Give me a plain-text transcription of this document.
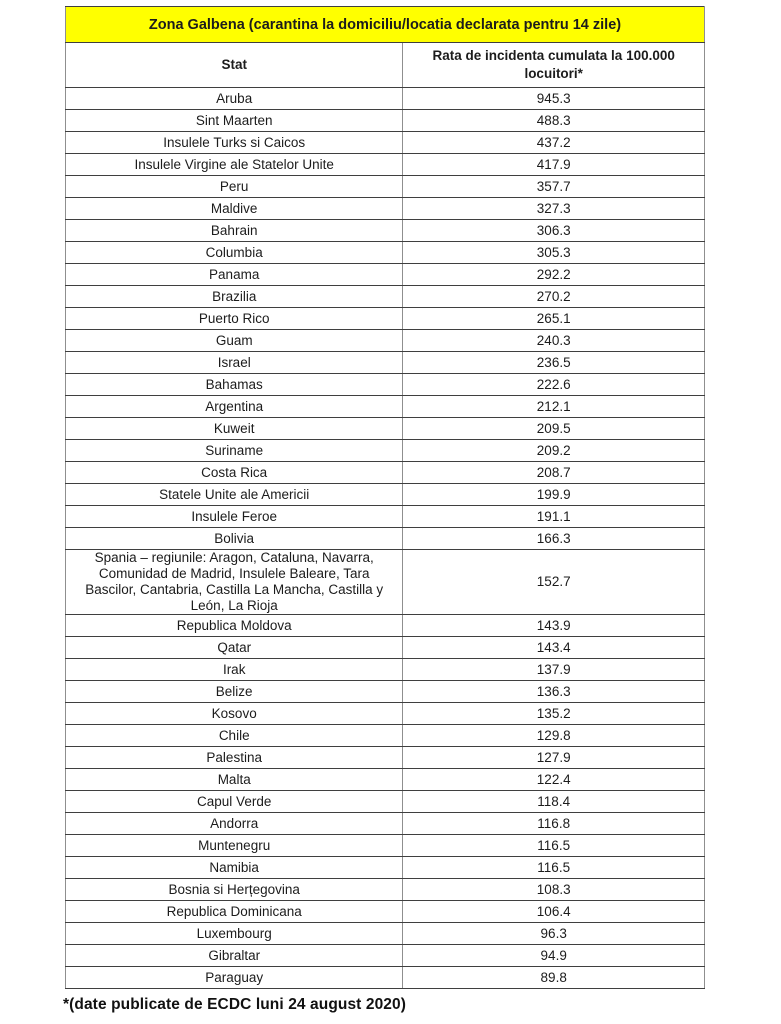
Zona Galbena (carantina la domiciliu/locatia declarata pentru 14 zile)	
Stat	Rata de incidenta cumulata la 100.000 locuitori*
Aruba	945.3
Sint Maarten	488.3
Insulele Turks si Caicos	437.2
Insulele Virgine ale Statelor Unite	417.9
Peru	357.7
Maldive	327.3
Bahrain	306.3
Columbia	305.3
Panama	292.2
Brazilia	270.2
Puerto Rico	265.1
Guam	240.3
Israel	236.5
Bahamas	222.6
Argentina	212.1
Kuweit	209.5
Suriname	209.2
Costa Rica	208.7
Statele Unite ale Americii	199.9
Insulele Feroe	191.1
Bolivia	166.3
Spania – regiunile: Aragon, Cataluna, Navarra, Comunidad de Madrid, Insulele Baleare, Tara Bascilor, Cantabria, Castilla La Mancha, Castilla y León, La Rioja	152.7
Republica Moldova	143.9
Qatar	143.4
Irak	137.9
Belize	136.3
Kosovo	135.2
Chile	129.8
Palestina	127.9
Malta	122.4
Capul Verde	118.4
Andorra	116.8
Muntenegru	116.5
Namibia	116.5
Bosnia si Herțegovina	108.3
Republica Dominicana	106.4
Luxembourg	96.3
Gibraltar	94.9
Paraguay	89.8
*(date publicate de ECDC luni 24 august 2020)
